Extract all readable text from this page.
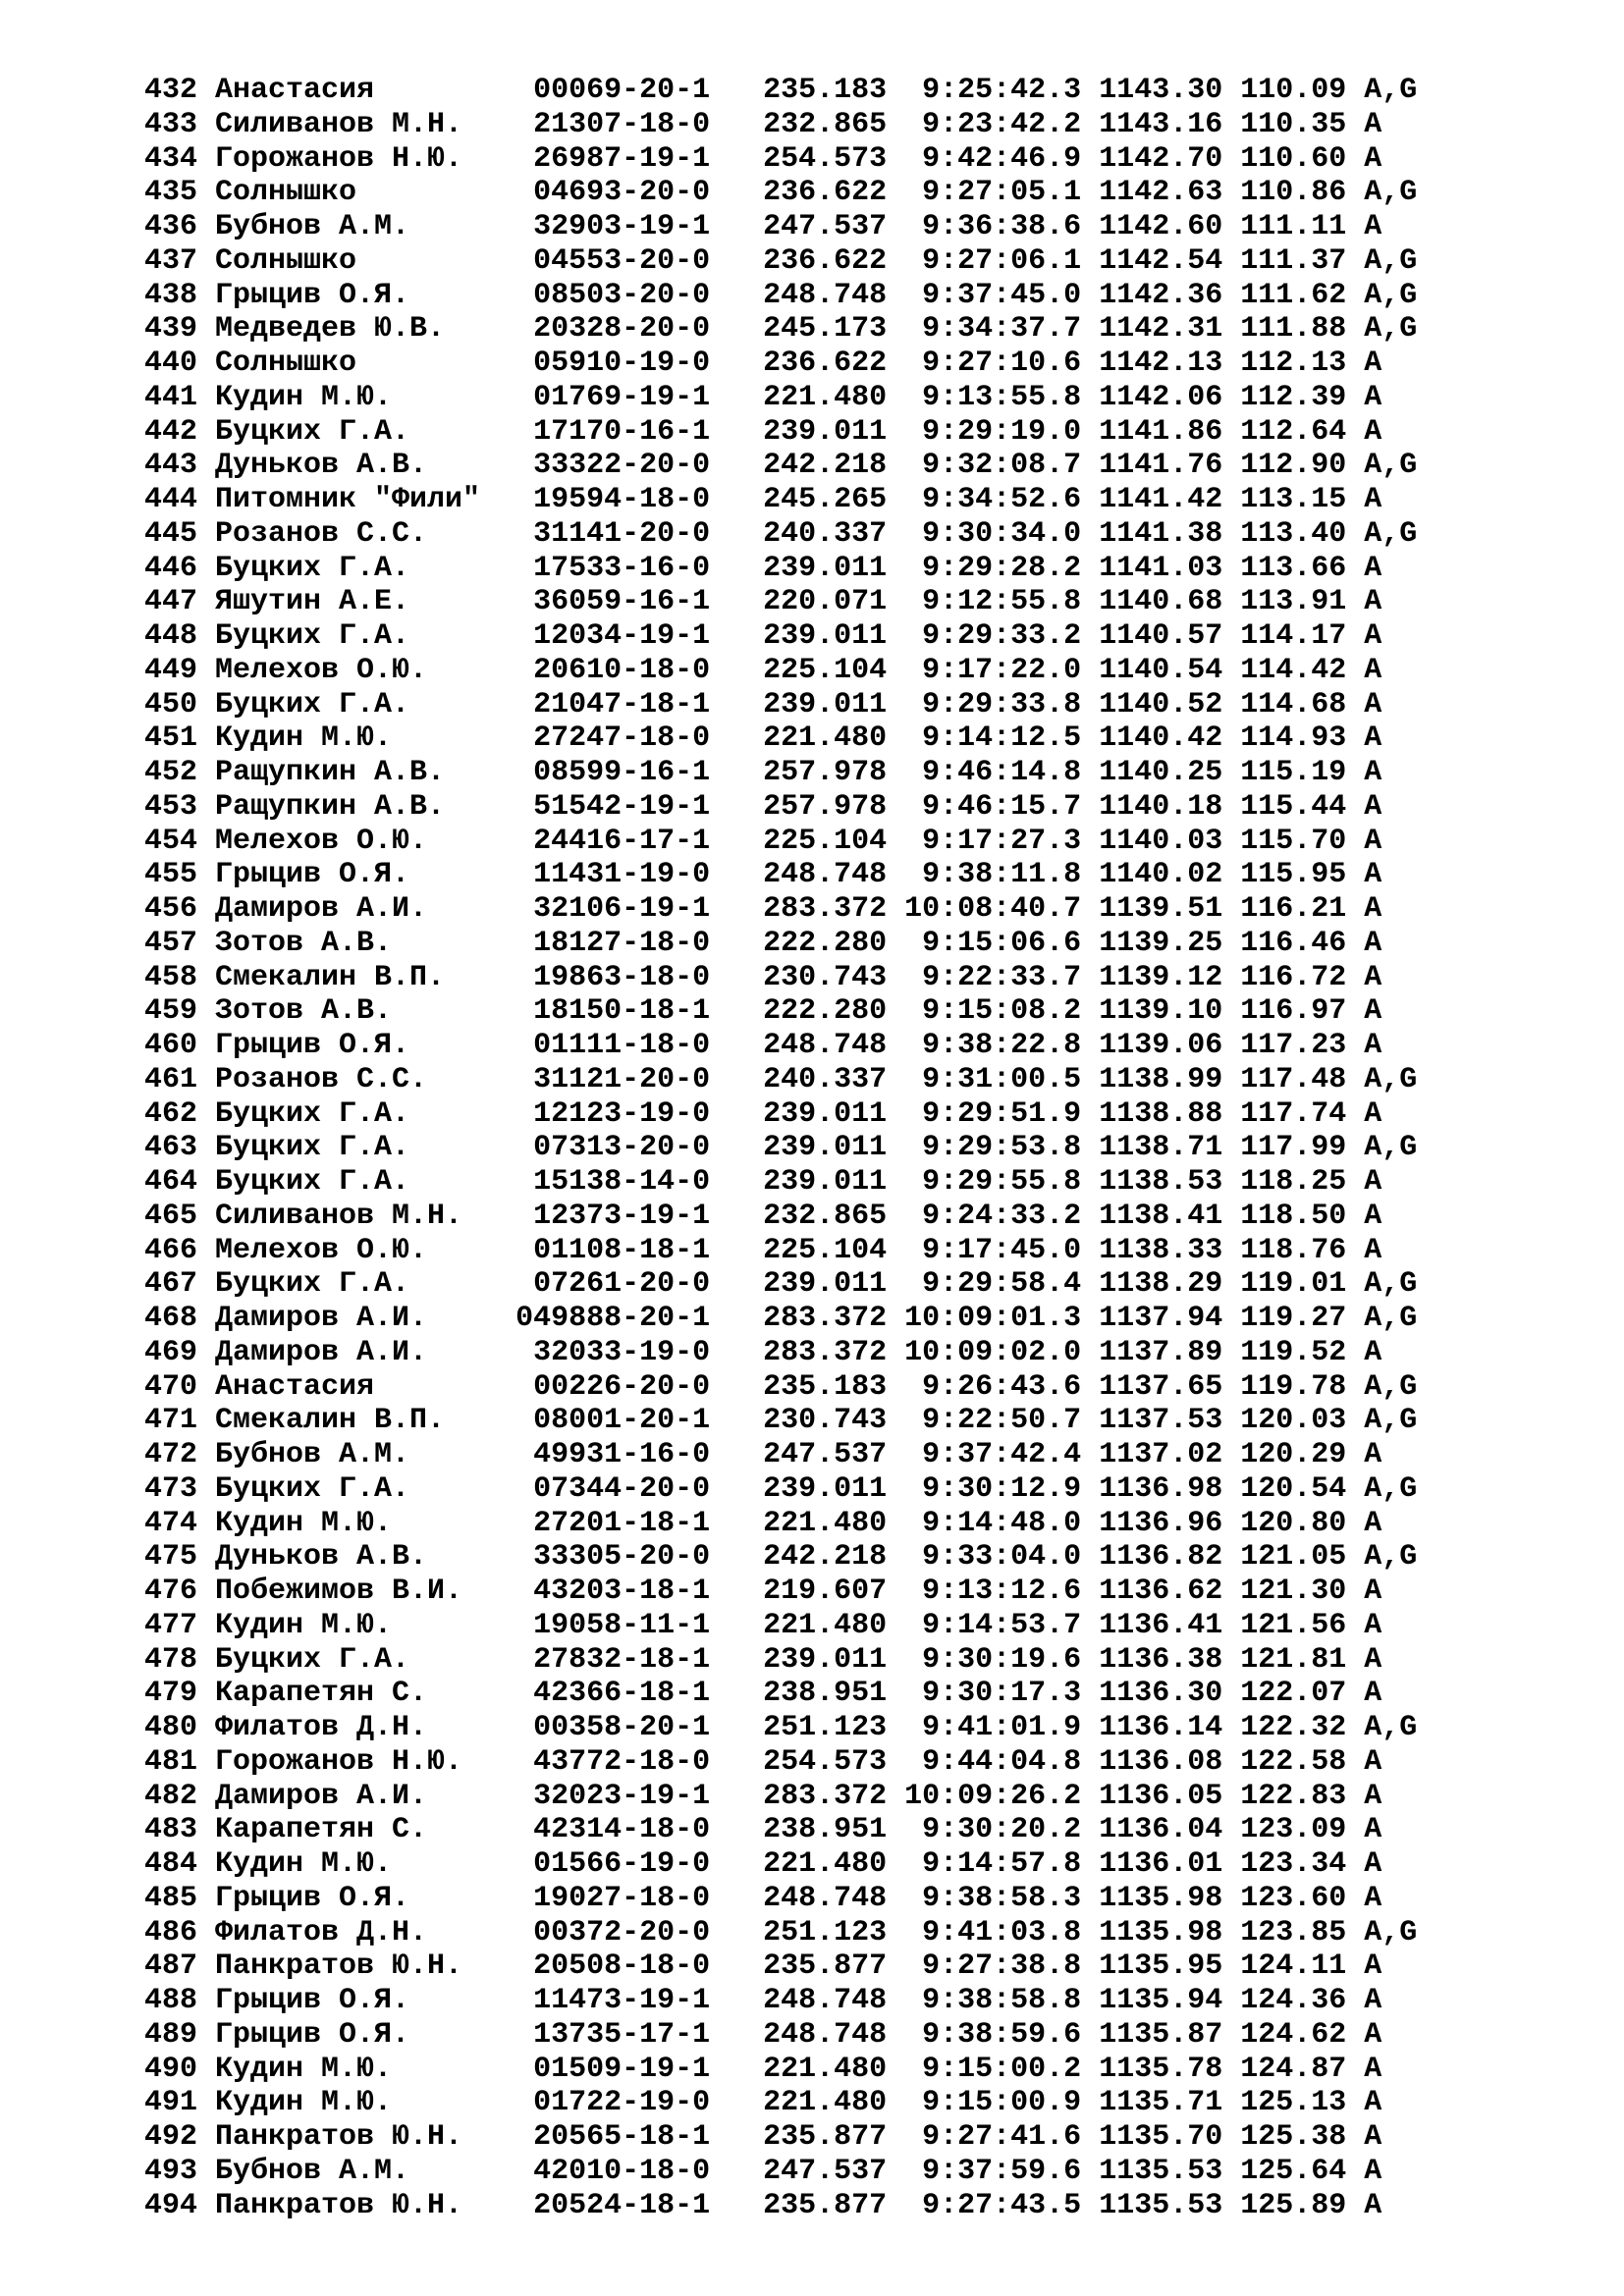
432 Анастасия         00069-20-1   235.183  9:25:42.3 1143.30 110.09 A,G
433 Силиванов М.Н.    21307-18-0   232.865  9:23:42.2 1143.16 110.35 A
434 Горожанов Н.Ю.    26987-19-1   254.573  9:42:46.9 1142.70 110.60 A
435 Солнышко          04693-20-0   236.622  9:27:05.1 1142.63 110.86 A,G
436 Бубнов А.М.       32903-19-1   247.537  9:36:38.6 1142.60 111.11 A
437 Солнышко          04553-20-0   236.622  9:27:06.1 1142.54 111.37 A,G
438 Грыцив О.Я.       08503-20-0   248.748  9:37:45.0 1142.36 111.62 A,G
439 Медведев Ю.В.     20328-20-0   245.173  9:34:37.7 1142.31 111.88 A,G
440 Солнышко          05910-19-0   236.622  9:27:10.6 1142.13 112.13 A
441 Кудин М.Ю.        01769-19-1   221.480  9:13:55.8 1142.06 112.39 A
442 Буцких Г.А.       17170-16-1   239.011  9:29:19.0 1141.86 112.64 A
443 Дуньков А.В.      33322-20-0   242.218  9:32:08.7 1141.76 112.90 A,G
444 Питомник "Фили"   19594-18-0   245.265  9:34:52.6 1141.42 113.15 A
445 Розанов С.С.      31141-20-0   240.337  9:30:34.0 1141.38 113.40 A,G
446 Буцких Г.А.       17533-16-0   239.011  9:29:28.2 1141.03 113.66 A
447 Яшутин А.Е.       36059-16-1   220.071  9:12:55.8 1140.68 113.91 A
448 Буцких Г.А.       12034-19-1   239.011  9:29:33.2 1140.57 114.17 A
449 Мелехов О.Ю.      20610-18-0   225.104  9:17:22.0 1140.54 114.42 A
450 Буцких Г.А.       21047-18-1   239.011  9:29:33.8 1140.52 114.68 A
451 Кудин М.Ю.        27247-18-0   221.480  9:14:12.5 1140.42 114.93 A
452 Ращупкин А.В.     08599-16-1   257.978  9:46:14.8 1140.25 115.19 A
453 Ращупкин А.В.     51542-19-1   257.978  9:46:15.7 1140.18 115.44 A
454 Мелехов О.Ю.      24416-17-1   225.104  9:17:27.3 1140.03 115.70 A
455 Грыцив О.Я.       11431-19-0   248.748  9:38:11.8 1140.02 115.95 A
456 Дамиров А.И.      32106-19-1   283.372 10:08:40.7 1139.51 116.21 A
457 Зотов А.В.        18127-18-0   222.280  9:15:06.6 1139.25 116.46 A
458 Смекалин В.П.     19863-18-0   230.743  9:22:33.7 1139.12 116.72 A
459 Зотов А.В.        18150-18-1   222.280  9:15:08.2 1139.10 116.97 A
460 Грыцив О.Я.       01111-18-0   248.748  9:38:22.8 1139.06 117.23 A
461 Розанов С.С.      31121-20-0   240.337  9:31:00.5 1138.99 117.48 A,G
462 Буцких Г.А.       12123-19-0   239.011  9:29:51.9 1138.88 117.74 A
463 Буцких Г.А.       07313-20-0   239.011  9:29:53.8 1138.71 117.99 A,G
464 Буцких Г.А.       15138-14-0   239.011  9:29:55.8 1138.53 118.25 A
465 Силиванов М.Н.    12373-19-1   232.865  9:24:33.2 1138.41 118.50 A
466 Мелехов О.Ю.      01108-18-1   225.104  9:17:45.0 1138.33 118.76 A
467 Буцких Г.А.       07261-20-0   239.011  9:29:58.4 1138.29 119.01 A,G
468 Дамиров А.И.     049888-20-1   283.372 10:09:01.3 1137.94 119.27 A,G
469 Дамиров А.И.      32033-19-0   283.372 10:09:02.0 1137.89 119.52 A
470 Анастасия         00226-20-0   235.183  9:26:43.6 1137.65 119.78 A,G
471 Смекалин В.П.     08001-20-1   230.743  9:22:50.7 1137.53 120.03 A,G
472 Бубнов А.М.       49931-16-0   247.537  9:37:42.4 1137.02 120.29 A
473 Буцких Г.А.       07344-20-0   239.011  9:30:12.9 1136.98 120.54 A,G
474 Кудин М.Ю.        27201-18-1   221.480  9:14:48.0 1136.96 120.80 A
475 Дуньков А.В.      33305-20-0   242.218  9:33:04.0 1136.82 121.05 A,G
476 Побежимов В.И.    43203-18-1   219.607  9:13:12.6 1136.62 121.30 A
477 Кудин М.Ю.        19058-11-1   221.480  9:14:53.7 1136.41 121.56 A
478 Буцких Г.А.       27832-18-1   239.011  9:30:19.6 1136.38 121.81 A
479 Карапетян С.      42366-18-1   238.951  9:30:17.3 1136.30 122.07 A
480 Филатов Д.Н.      00358-20-1   251.123  9:41:01.9 1136.14 122.32 A,G
481 Горожанов Н.Ю.    43772-18-0   254.573  9:44:04.8 1136.08 122.58 A
482 Дамиров А.И.      32023-19-1   283.372 10:09:26.2 1136.05 122.83 A
483 Карапетян С.      42314-18-0   238.951  9:30:20.2 1136.04 123.09 A
484 Кудин М.Ю.        01566-19-0   221.480  9:14:57.8 1136.01 123.34 A
485 Грыцив О.Я.       19027-18-0   248.748  9:38:58.3 1135.98 123.60 A
486 Филатов Д.Н.      00372-20-0   251.123  9:41:03.8 1135.98 123.85 A,G
487 Панкратов Ю.Н.    20508-18-0   235.877  9:27:38.8 1135.95 124.11 A
488 Грыцив О.Я.       11473-19-1   248.748  9:38:58.8 1135.94 124.36 A
489 Грыцив О.Я.       13735-17-1   248.748  9:38:59.6 1135.87 124.62 A
490 Кудин М.Ю.        01509-19-1   221.480  9:15:00.2 1135.78 124.87 A
491 Кудин М.Ю.        01722-19-0   221.480  9:15:00.9 1135.71 125.13 A
492 Панкратов Ю.Н.    20565-18-1   235.877  9:27:41.6 1135.70 125.38 A
493 Бубнов А.М.       42010-18-0   247.537  9:37:59.6 1135.53 125.64 A
494 Панкратов Ю.Н.    20524-18-1   235.877  9:27:43.5 1135.53 125.89 A
